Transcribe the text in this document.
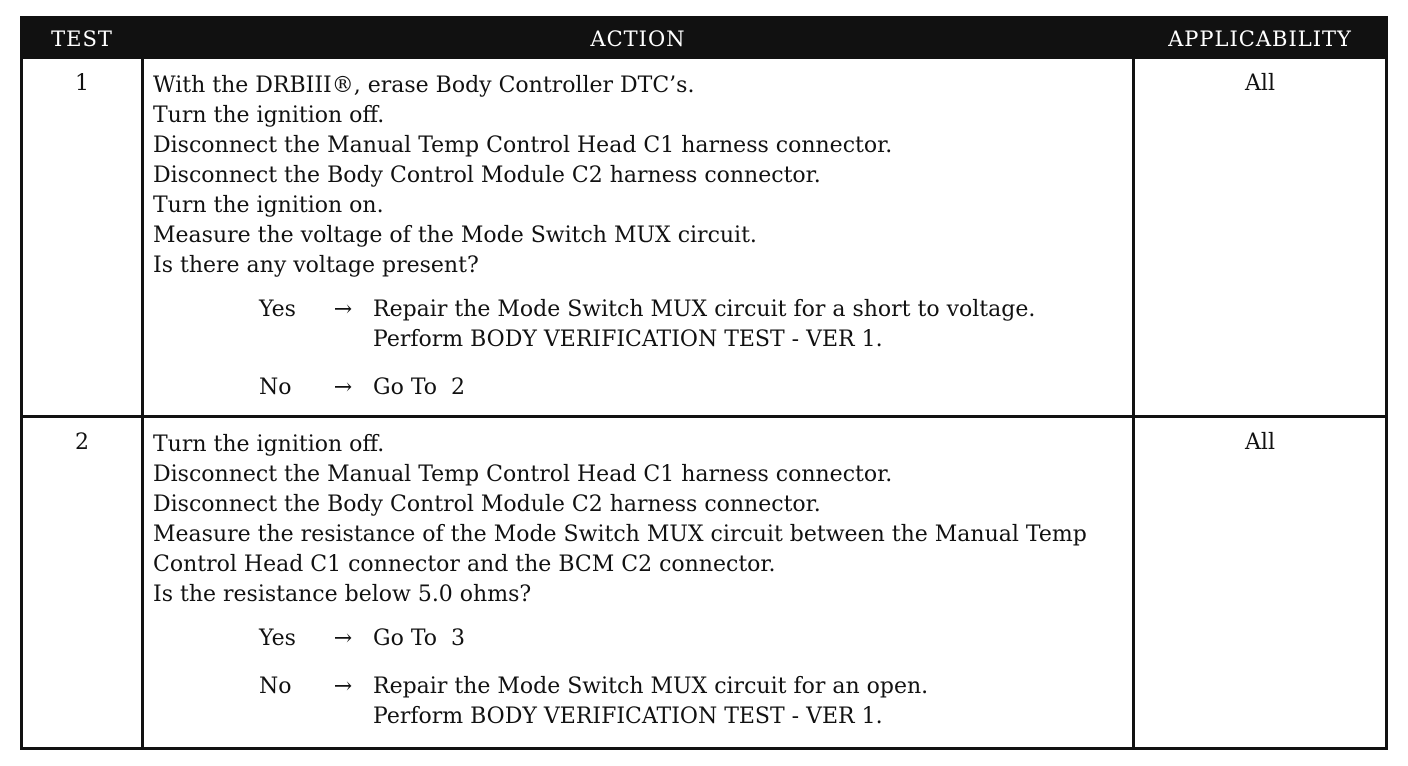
TEST	ACTION	APPLICABILITY
1	With the DRBIII®, erase Body Controller DTC’s.
Turn the ignition off.
Disconnect the Manual Temp Control Head C1 harness connector.
Disconnect the Body Control Module C2 harness connector.
Turn the ignition on.
Measure the voltage of the Mode Switch MUX circuit.
Is there any voltage present?
Yes	→ Repair the Mode Switch MUX circuit for a short to voltage.
Perform BODY VERIFICATION TEST - VER 1.
No	→ Go To  2
All
2	Turn the ignition off.
Disconnect the Manual Temp Control Head C1 harness connector.
Disconnect the Body Control Module C2 harness connector.
Measure the resistance of the Mode Switch MUX circuit between the Manual Temp
Control Head C1 connector and the BCM C2 connector.
Is the resistance below 5.0 ohms?
Yes	→ Go To  3
No	→ Repair the Mode Switch MUX circuit for an open.
Perform BODY VERIFICATION TEST - VER 1.
All
